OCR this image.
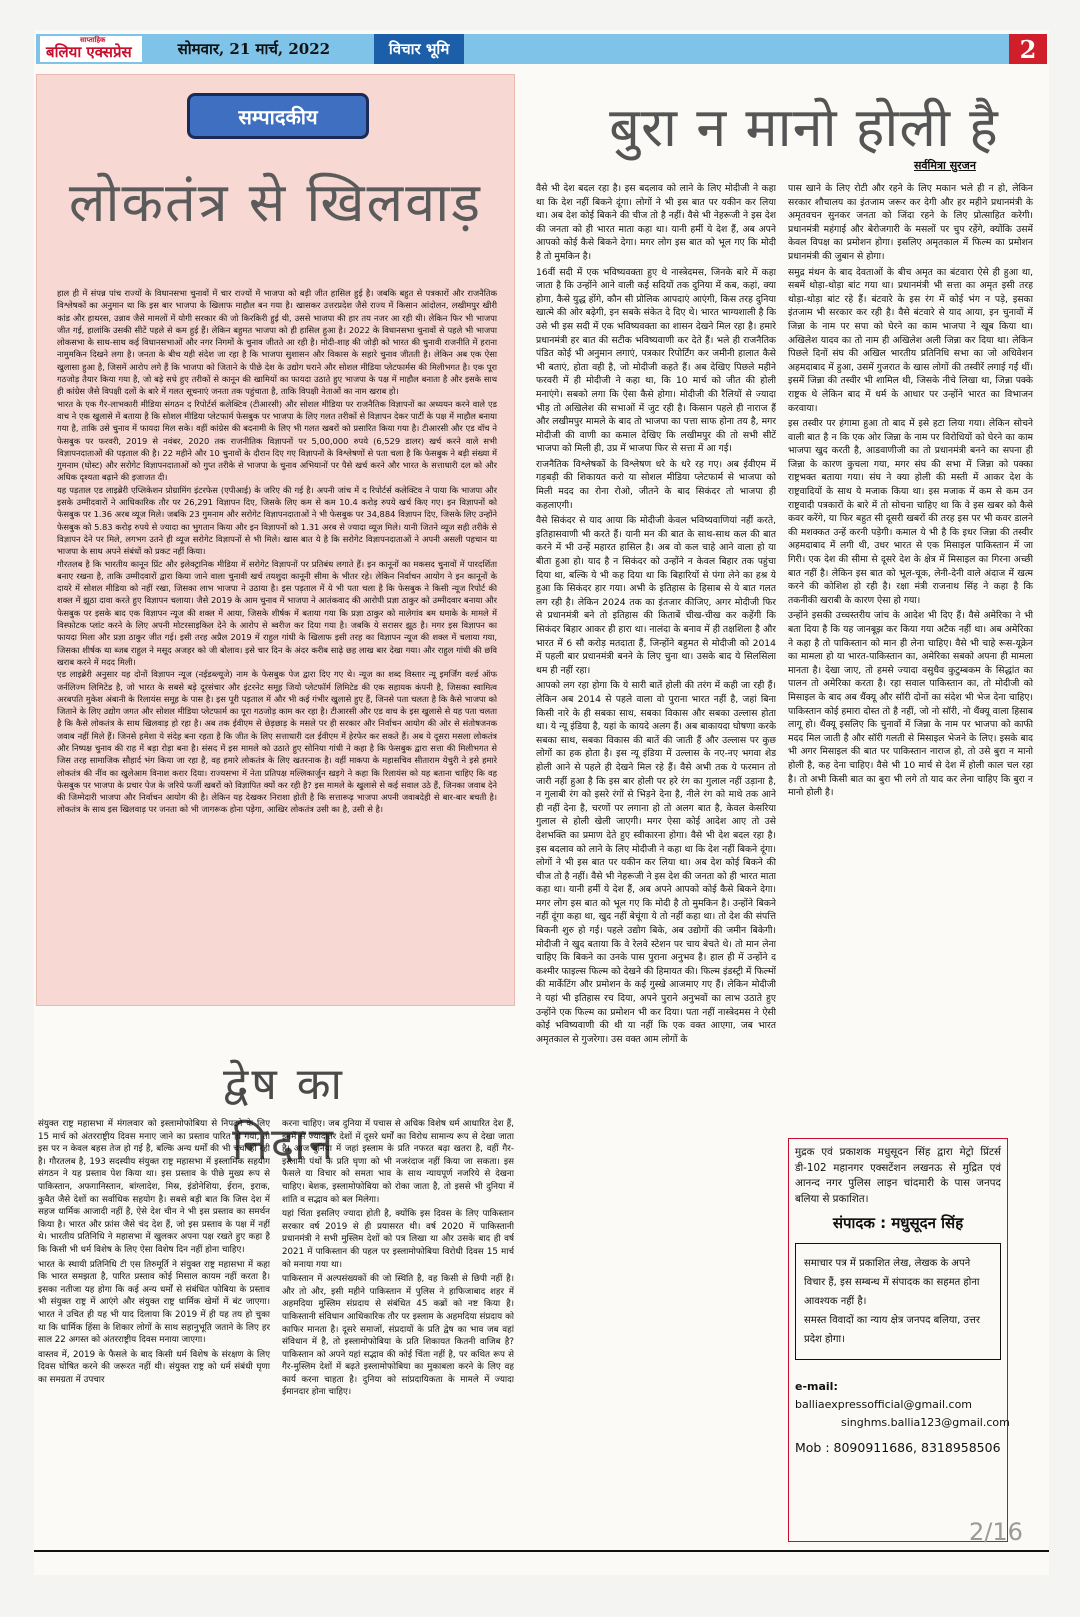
साप्ताहिक
बलिया एक्सप्रेस	सोमवार, 21 मार्च, 2022	विचार भूमि	2
सम्पादकीय
लोकतंत्र से खिलवाड़

हाल ही में संपन्न पांच राज्यों के विधानसभा चुनावों में चार राज्यों में भाजपा को बड़ी जीत हासिल हुई है। जबकि बहुत से पत्रकारों और राजनैतिक विश्लेषकों का अनुमान था कि इस बार भाजपा के खिलाफ माहौल बन गया है। खासकर उत्तरप्रदेश जैसे राज्य में किसान आंदोलन, लखीमपुर खीरी कांड और हाथरस, उन्नाव जैसे मामलों में योगी सरकार की जो किरकिरी हुई थी, उससे भाजपा की हार तय नजर आ रही थी। लेकिन फिर भी भाजपा जीत गई, हालांकि उसकी सीटें पहले से कम हुई हैं। लेकिन बहुमत भाजपा को ही हासिल हुआ है। 2022 के विधानसभा चुनावों से पहले भी भाजपा लोकसभा के साथ-साथ कई विधानसभाओं और नगर निगमों के चुनाव जीतते आ रही है। मोदी-शाह की जोड़ी को भारत की चुनावी राजनीति में हराना नामुमकिन दिखने लगा है। जनता के बीच यही संदेश जा रहा है कि भाजपा सुशासन और विकास के सहारे चुनाव जीतती है। लेकिन अब एक ऐसा खुलासा हुआ है, जिसमें आरोप लगे हैं कि भाजपा को जिताने के पीछे देश के उद्योग घराने और सोशल मीडिया प्लेटफार्मस की मिलीभगत है। एक पूरा गठजोड़ तैयार किया गया है, जो बड़े सधे हुए तरीकों से कानून की खामियों का फायदा उठाते हुए भाजपा के पक्ष में माहौल बनाता है और इसके साथ ही कांग्रेस जैसे विपक्षी दलों के बारे में गलत सूचनाएं जनता तक पहुंचाता है, ताकि विपक्षी नेताओं का नाम खराब हो।

भारत के एक गैर-लाभकारी मीडिया संगठन द रिपोर्टर्स कलेक्टिव (टीआरसी) और सोशल मीडिया पर राजनैतिक विज्ञापनों का अध्ययन करने वाले एड वाच ने एक खुलासे में बताया है कि सोशल मीडिया प्लेटफार्म फेसबुक पर भाजपा के लिए गलत तरीकों से विज्ञापन देकर पार्टी के पक्ष में माहौल बनाया गया है, ताकि उसे चुनाव में फायदा मिल सके। वहीं कांग्रेस की बदनामी के लिए भी गलत खबरों को प्रसारित किया गया है। टीआरसी और एड वॉच ने फेसबुक पर फरवरी, 2019 से नवंबर, 2020 तक राजनीतिक विज्ञापनों पर 5,00,000 रुपये (6,529 डालर) खर्च करने वाले सभी विज्ञापनदाताओं की पड़ताल की है। 22 महीने और 10 चुनावों के दौरान दिए गए विज्ञापनों के विश्लेषणों से पता चला है कि फेसबुक ने बड़ी संख्या में गुमनाम (घोस्ट) और सरोगेट विज्ञापनदाताओं को गुप्त तरीके से भाजपा के चुनाव अभियानों पर पैसे खर्च करने और भारत के सत्ताधारी दल को और अधिक दृश्यता बढ़ाने की इजाजत दी।

यह पड़ताल एड लाइब्रेरी एप्लिकेशन प्रोग्रामिंग इंटरफेस (एपीआई) के जरिए की गई है। अपनी जांच में द रिपोर्टर्स कलेक्टिव ने पाया कि भाजपा और इसके उम्मीदवारों ने आधिकारिक तौर पर 26,291 विज्ञापन दिए, जिसके लिए कम से कम 10.4 करोड़ रुपये खर्च किए गए। इन विज्ञापनों को फेसबुक पर 1.36 अरब व्यूज मिले। जबकि 23 गुमनाम और सरोगेट विज्ञापनदाताओं ने भी फेसबुक पर 34,884 विज्ञापन दिए, जिसके लिए उन्होंने फेसबुक को 5.83 करोड़ रुपये से ज्यादा का भुगतान किया और इन विज्ञापनों को 1.31 अरब से ज्यादा व्यूज मिले। यानी जितने व्यूज सही तरीके से विज्ञापन देने पर मिले, लगभग उतने ही व्यूज सरोगेट विज्ञापनों से भी मिले। खास बात ये है कि सरोगेट विज्ञापनदाताओं ने अपनी असली पहचान या भाजपा के साथ अपने संबंधों को प्रकट नहीं किया।

गौरतलब है कि भारतीय कानून प्रिंट और इलेक्ट्रानिक मीडिया में सरोगेट विज्ञापनों पर प्रतिबंध लगाते हैं। इन कानूनों का मकसद चुनावों में पारदर्शिता बनाए रखना है, ताकि उम्मीदवारों द्वारा किया जाने वाला चुनावी खर्च तयशुदा कानूनी सीमा के भीतर रहे। लेकिन निर्वाचन आयोग ने इन कानूनों के दायरे में सोशल मीडिया को नहीं रखा, जिसका लाभ भाजपा ने उठाया है। इस पड़ताल में ये भी पता चला है कि फेसबुक ने किसी न्यूज रिपोर्ट की शक्ल में झूठा दावा करते हुए विज्ञापन चलाया। जैसे 2019 के आम चुनाव में भाजपा ने आतंकवाद की आरोपी प्रज्ञा ठाकुर को उम्मीदवार बनाया और फेसबुक पर इसके बाद एक विज्ञापन न्यूज की शक्ल में आया, जिसके शीर्षक में बताया गया कि प्रज्ञा ठाकुर को मालेगांव बम धमाके के मामले में विस्फोटक प्लांट करने के लिए अपनी मोटरसाइकिल देने के आरोप से ब्वरीज कर दिया गया है। जबकि ये सरासर झूठ है। मगर इस विज्ञापन का फायदा मिला और प्रज्ञा ठाकुर जीत गई। इसी तरह अप्रैल 2019 में राहुल गांधी के खिलाफ इसी तरह का विज्ञापन न्यूज की शक्ल में चलाया गया, जिसका शीर्षक था ब्जब राहुल ने मसूद अजहर को जी बोलाव। इसे चार दिन के अंदर करीब साढ़े छह लाख बार देखा गया। और राहुल गांधी की छवि खराब करने में मदद मिली।

एड लाइब्रेरी अनुसार यह दोनों विज्ञापन न्यूज (नईडब्ल्यूजे) नाम के फेसबुक पेज द्वारा दिए गए थे। न्यूज का शब्द विस्तार न्यू इमर्जिंग वर्ल्ड ऑफ जर्नलिज्म लिमिटेड है, जो भारत के सबसे बड़े दूरसंचार और इंटरनेट समूह जियो प्लेटफॉर्म लिमिटेड की एक सहायक कंपनी है, जिसका स्वामित्व अरबपति मुकेश अंबानी के रिलायंस समूह के पास है। इस पूरी पड़ताल में और भी कई गंभीर खुलासे हुए हैं, जिनसे पता चलता है कि कैसे भाजपा को जिताने के लिए उद्योग जगत और सोशल मीडिया प्लेटफार्म का पूरा गठजोड़ काम कर रहा है। टीआरसी और एड वाच के इस खुलासे से यह पता चलता है कि कैसे लोकतंत्र के साथ खिलवाड़ हो रहा है। अब तक ईवीएम से छेड़छाड़ के मसले पर ही सरकार और निर्वाचन आयोग की ओर से संतोषजनक जवाब नहीं मिले हैं। जिनसे हमेशा ये संदेह बना रहता है कि जीत के लिए सत्ताधारी दल ईवीएम में हेरफेर कर सकते हैं। अब ये दूसरा मसला लोकतंत्र और निष्पक्ष चुनाव की राह में बड़ा रोड़ा बना है। संसद में इस मामले को उठाते हुए सोनिया गांधी ने कहा है कि फेसबुक द्वारा सत्ता की मिलीभगत से जिस तरह सामाजिक सौहार्द भंग किया जा रहा है, वह हमारे लोकतंत्र के लिए खतरनाक है। वहीं माकपा के महासचिव सीताराम येचुरी ने इसे हमारे लोकतंत्र की नींव का खुलेआम विनाश करार दिया। राज्यसभा में नेता प्रतिपक्ष मल्लिकार्जुन खड़गे ने कहा कि रिलायंस को यह बताना चाहिए कि वह फेसबुक पर भाजपा के प्रचार पेज के जरिये फर्जी खबरों को विज्ञापित क्यों कर रही है? इस मामले के खुलासे से कई सवाल उठे हैं, जिनका जवाब देने की जिम्मेदारी भाजपा और निर्वाचन आयोग की है। लेकिन यह देखकर निराशा होती है कि सत्तारूढ़ भाजपा अपनी जवाबदेही से बार-बार बचती है। लोकतंत्र के साथ इस खिलवाड़ पर जनता को भी जागरूक होना पड़ेगा, आखिर लोकतंत्र उसी का है, उसी से है।

बुरा न मानो होली है
सर्वमित्रा सुरजन

वैसे भी देश बदल रहा है। इस बदलाव को लाने के लिए मोदीजी ने कहा था कि देश नहीं बिकने दूंगा। लोगों ने भी इस बात पर यकीन कर लिया था। अब देश कोई बिकने की चीज तो है नहीं। वैसे भी नेहरूजी ने इस देश की जनता को ही भारत माता कहा था। यानी हमीं ये देश हैं, अब अपने आपको कोई कैसे बिकने देगा। मगर लोग इस बात को भूल गए कि मोदी है तो मुमकिन है।

16वीं सदी में एक भविष्यवक्ता हुए थे नास्त्रेदमस, जिनके बारे में कहा जाता है कि उन्होंने आने वाली कई सदियों तक दुनिया में कब, कहां, क्या होगा, कैसे युद्ध होंगे, कौन सी प्रोलिक आपदाएं आएंगी, किस तरह दुनिया खात्मे की ओर बढ़ेगी, इन सबके संकेत दे दिए थे। भारत भाग्यशाली है कि उसे भी इस सदी में एक भविष्यवक्ता का शासन देखने मिल रहा है। हमारे प्रधानमंत्री हर बात की सटीक भविष्यवाणी कर देते हैं। भले ही राजनैतिक पंडित कोई भी अनुमान लगाएं, पत्रकार रिपोर्टिंग कर जमीनी हालात कैसे भी बताएं, होता वही है, जो मोदीजी कहते हैं। अब देखिए पिछले महीने फरवरी में ही मोदीजी ने कहा था, कि 10 मार्च को जीत की होली मनाएंगे। सबको लगा कि ऐसा कैसे होगा। मोदीजी की रैलियों से ज्यादा भीड़ तो अखिलेश की सभाओं में जुट रही है। किसान पहले ही नाराज हैं और लखीमपुर मामले के बाद तो भाजपा का पत्ता साफ होना तय है, मगर मोदीजी की वाणी का कमाल देखिए कि लखीमपुर की तो सभी सीटें भाजपा को मिली ही, उप्र में भाजपा फिर से सत्ता में आ गई।

राजनैतिक विश्लेषकों के विश्लेषण धरे के धरे रह गए। अब ईवीएम में गड़बड़ी की शिकायत करो या सोशल मीडिया प्लेटफार्म से भाजपा को मिली मदद का रोना रोओ, जीतने के बाद सिकंदर तो भाजपा ही कहलाएगी।

वैसे सिकंदर से याद आया कि मोदीजी केवल भविष्यवाणियां नहीं करते, इतिहासवाणी भी करते हैं। यानी मन की बात के साथ-साथ कल की बात करने में भी उन्हें महारत हासिल है। अब वो कल चाहे आने वाला हो या बीता हुआ हो। याद है न सिकंदर को उन्होंने न केवल बिहार तक पहुंचा दिया था, बल्कि ये भी कह दिया था कि बिहारियों से पंगा लेने का हश्र ये हुआ कि सिकंदर हार गया। अभी के इतिहास के हिसाब से ये बात गलत लग रही है। लेकिन 2024 तक का इंतजार कीजिए, अगर मोदीजी फिर से प्रधानमंत्री बने तो इतिहास की किताबें चीख-चीख कर कहेंगी कि सिकंदर बिहार आकर ही हारा था। नालंदा के बनाव में ही तक्षशिला है और भारत में 6 सौ करोड़ मतदाता हैं, जिन्होंने बहुमत से मोदीजी को 2014 में पहली बार प्रधानमंत्री बनने के लिए चुना था। उसके बाद ये सिलसिला थम ही नहीं रहा।

आपको लग रहा होगा कि ये सारी बातें होली की तरंग में कही जा रही हैं। लेकिन अब 2014 से पहले वाला वो पुराना भारत नहीं है, जहां बिना किसी नारे के ही सबका साथ, सबका विकास और सबका उल्लास होता था। ये न्यू इंडिया है, यहां के कायदे अलग हैं। अब बाकायदा घोषणा करके सबका साथ, सबका विकास की बातें की जाती हैं और उल्लास पर कुछ लोगों का हक होता है। इस न्यू इंडिया में उल्लास के नए-नए भगवा शेड होली आने से पहले ही देखने मिल रहे हैं। वैसे अभी तक ये फरमान तो जारी नहीं हुआ है कि इस बार होली पर हरे रंग का गुलाल नहीं उड़ाना है, न गुलाबी रंग को इसरे रंगों से भिड़ने देना है, नीले रंग को माथे तक आने ही नहीं देना है, चरणों पर लगाना हो तो अलग बात है, केवल केसरिया गुलाल से होली खेली जाएगी। मगर ऐसा कोई आदेश आए तो उसे देशभक्ति का प्रमाण देते हुए स्वीकारना होगा। वैसे भी देश बदल रहा है। इस बदलाव को लाने के लिए मोदीजी ने कहा था कि देश नहीं बिकने दूंगा। लोगों ने भी इस बात पर यकीन कर लिया था। अब देश कोई बिकने की चीज तो है नहीं। वैसे भी नेहरूजी ने इस देश की जनता को ही भारत माता कहा था। यानी हमीं ये देश हैं, अब अपने आपको कोई कैसे बिकने देगा। मगर लोग इस बात को भूल गए कि मोदी है तो मुमकिन है। उन्होंने बिकने नहीं दूंगा कहा था, खुद नहीं बेचूंगा ये तो नहीं कहा था। तो देश की संपत्ति बिकनी शुरु हो गई। पहले उद्योग बिके, अब उद्योगों की जमीन बिकेगी। मोदीजी ने खुद बताया कि वे रेलवे स्टेशन पर चाय बेचते थे। तो मान लेना चाहिए कि बिकने का उनके पास पुराना अनुभव है। हाल ही में उन्होंने द कश्मीर फाइल्स फिल्म को देखने की हिमायत की। फिल्म इंडस्ट्री में फिल्मों की मार्केटिंग और प्रमोशन के कई गुस्खे आजमाए गए हैं। लेकिन मोदीजी ने यहां भी इतिहास रच दिया, अपने पुराने अनुभवों का लाभ उठाते हुए उन्होंने एक फिल्म का प्रमोशन भी कर दिया। पता नहीं नास्त्रेदमस ने ऐसी कोई भविष्यवाणी की थी या नहीं कि एक वक्त आएगा, जब भारत अमृतकाल से गुजरेगा। उस वक्त आम लोगों के

पास खाने के लिए रोटी और रहने के लिए मकान भले ही न हो, लेकिन सरकार शौचालय का इंतजाम जरूर कर देगी और हर महीने प्रधानमंत्री के अमृतवचन सुनकर जनता को जिंदा रहने के लिए प्रोत्साहित करेगी। प्रधानमंत्री महंगाई और बेरोजगारी के मसलों पर चुप रहेंगे, क्योंकि उसमें केवल विपक्ष का प्रमोशन होगा। इसलिए अमृतकाल में फिल्म का प्रमोशन प्रधानमंत्री की जुबान से होगा।

समुद्र मंथन के बाद देवताओं के बीच अमृत का बंटवारा ऐसे ही हुआ था, सबमें थोड़ा-थोड़ा बांट गया था। प्रधानमंत्री भी सत्ता का अमृत इसी तरह थोड़ा-थोड़ा बांट रहे हैं। बंटवारे के इस रंग में कोई भंग न पड़े, इसका इंतजाम भी सरकार कर रही है। वैसे बंटवारे से याद आया, इन चुनावों में जिन्ना के नाम पर सपा को घेरने का काम भाजपा ने खूब किया था। अखिलेश यादव का तो नाम ही अखिलेश अली जिन्ना कर दिया था। लेकिन पिछले दिनों संघ की अखिल भारतीय प्रतिनिधि सभा का जो अधिवेशन अहमदाबाद में हुआ, उसमें गुजरात के खास लोगों की तस्वीरें लगाई गईं थीं। इसमें जिन्ना की तस्वीर भी शामिल थी, जिसके नीचे लिखा था, जिन्ना पक्के राष्ट्रक थे लेकिन बाद में धर्म के आधार पर उन्होंने भारत का विभाजन करवाया।

इस तस्वीर पर हंगामा हुआ तो बाद में इसे हटा लिया गया। लेकिन सोचने वाली बात है न कि एक ओर जिन्ना के नाम पर विरोधियों को घेरने का काम भाजपा खुद करती है, आडवाणीजी का तो प्रधानमंत्री बनने का सपना ही जिन्ना के कारण कुचला गया, मगर संघ की सभा में जिन्ना को पक्का राष्ट्रभक्त बताया गया। संघ ने क्या होली की मस्ती में आकर देश के राष्ट्रवादियों के साथ ये मजाक किया था। इस मजाक में कम से कम उन राष्ट्रवादी पत्रकारों के बारे में तो सोचना चाहिए था कि वे इस खबर को कैसे कवर करेंगे, या फिर बहुत सी दूसरी खबरों की तरह इस पर भी कवर डालने की मशक्कत उन्हें करनी पड़ेगी। कमाल ये भी है कि इधर जिन्ना की तस्वीर अहमदाबाद में लगी थी, उधर भारत से एक मिसाइल पाकिस्तान में जा गिरी। एक देश की सीमा से दूसरे देश के क्षेत्र में मिसाइल का गिरना अच्छी बात नहीं है। लेकिन इस बात को भूल-चूक, लेनी-देनी वाले अंदाज में खत्म करने की कोशिश हो रही है। रक्षा मंत्री राजनाथ सिंह ने कहा है कि तकनीकी खराबी के कारण ऐसा हो गया।

उन्होंने इसकी उच्चस्तरीय जांच के आदेश भी दिए हैं। वैसे अमेरिका ने भी बता दिया है कि यह जानबूझ कर किया गया अटैक नहीं था। अब अमेरिका ने कहा है तो पाकिस्तान को मान ही लेना चाहिए। वैसे भी चाहे रूस-यूक्रेन का मामला हो या भारत-पाकिस्तान का, अमेरिका सबको अपना ही मामला मानता है। देखा जाए, तो हमसे ज्यादा वसुधैव कुटुम्बकम के सिद्धांत का पालन तो अमेरिका करता है। रहा सवाल पाकिस्तान का, तो मोदीजी को मिसाइल के बाद अब थैंक्यू और सॉरी दोनों का संदेश भी भेज देना चाहिए। पाकिस्तान कोई हमारा दोस्त तो है नहीं, जो नो सॉरी, नो थैंक्यू वाला हिसाब लागू हो। थैंक्यू इसलिए कि चुनावों में जिन्ना के नाम पर भाजपा को काफी मदद मिल जाती है और सॉरी गलती से मिसाइल भेजने के लिए। इसके बाद भी अगर मिसाइल की बात पर पाकिस्तान नाराज हो, तो उसे बुरा न मानो होली है, कह देना चाहिए। वैसे भी 10 मार्च से देश में होली काल चल रहा है। तो अभी किसी बात का बुरा भी लगे तो याद कर लेना चाहिए कि बुरा न मानो होली है।

द्वेष का निदान

संयुक्त राष्ट्र महासभा में मंगलवार को इस्लामोफोबिया से निपटने के लिए 15 मार्च को अंतरराष्ट्रीय दिवस मनाए जाने का प्रस्ताव पारित हो गया, तो इस पर न केवल बहस तेज हो गई है, बल्कि अन्य धर्मों की भी चर्चा हो रही है। गौरतलब है, 193 सदस्यीय संयुक्त राष्ट्र महासभा में इस्लामिक सहयोग संगठन ने यह प्रस्ताव पेश किया था। इस प्रस्ताव के पीछे मुख्य रूप से पाकिस्तान, अफगानिस्तान, बांग्लादेश, मिस्र, इंडोनेशिया, ईरान, इराक, कुवैत जैसे देशों का सर्वाधिक सहयोग है। सबसे बड़ी बात कि जिस देश में सहज धार्मिक आजादी नहीं है, ऐसे देश चीन ने भी इस प्रस्ताव का समर्थन किया है। भारत और फ्रांस जैसे चंद देश हैं, जो इस प्रस्ताव के पक्ष में नहीं थे। भारतीय प्रतिनिधि ने महासभा में खुलकर अपना पक्ष रखते हुए कहा है कि किसी भी धर्म विशेष के लिए ऐसा विशेष दिन नहीं होना चाहिए।

भारत के स्थायी प्रतिनिधि टी एस तिरुमूर्ति ने संयुक्त राष्ट्र महासभा में कहा कि भारत समझता है, पारित प्रस्ताव कोई मिसाल कायम नहीं करता है। इसका नतीजा यह होगा कि कई अन्य धर्मों से संबंधित फोबिया के प्रस्ताव भी संयुक्त राष्ट्र में आएंगे और संयुक्त राष्ट्र धार्मिक खेमों में बंट जाएगा। भारत ने उचित ही यह भी याद दिलाया कि 2019 में ही यह तय हो चुका था कि धार्मिक हिंसा के शिकार लोगों के साथ सहानुभूति जताने के लिए हर साल 22 अगस्त को अंतरराष्ट्रीय दिवस मनाया जाएगा।

वास्तव में, 2019 के फैसले के बाद किसी धर्म विशेष के संरक्षण के लिए दिवस घोषित करने की जरूरत नहीं थी। संयुक्त राष्ट्र को धर्म संबंधी घृणा का समग्रता में उपचार

करना चाहिए। जब दुनिया में पचास से अधिक विशेष धर्म आधारित देश हैं, इनमें से ज्यादातर देशों में दूसरे धर्मों का विरोध सामान्य रूप से देखा जाता है। आज दुनिया में जहां इस्लाम के प्रति नफरत बढ़ा खतरा है, वहीं गैर-इस्लामी पंथों के प्रति घृणा को भी नजरंदाज नहीं किया जा सकता। इस फैसले या विचार को समता भाव के साथ न्यायपूर्ण नजरिये से देखना चाहिए। बेशक, इस्लामोफोबिया को रोका जाता है, तो इससे भी दुनिया में शांति व सद्भाव को बल मिलेगा।

यहां चिंता इसलिए ज्यादा होती है, क्योंकि इस दिवस के लिए पाकिस्तान सरकार वर्ष 2019 से ही प्रयासरत थी। वर्ष 2020 में पाकिस्तानी प्रधानमंत्री ने सभी मुस्लिम देशों को पत्र लिखा था और उसके बाद ही वर्ष 2021 में पाकिस्तान की पहल पर इस्लामोफोबिया विरोधी दिवस 15 मार्च को मनाया गया था।

पाकिस्तान में अल्पसंख्यकों की जो स्थिति है, वह किसी से छिपी नहीं है। और तो और, इसी महीने पाकिस्तान में पुलिस ने हाफिजाबाद शहर में अहमदिया मुस्लिम संप्रदाय से संबंधित 45 कब्रों को नष्ट किया है। पाकिस्तानी संविधान आधिकारिक तौर पर इस्लाम के अहमदिया संप्रदाय को काफिर मानता है। दूसरे समाजों, संप्रदायों के प्रति द्वेष का भाव जब वहां संविधान में है, तो इस्लामोफोबिया के प्रति शिकायत कितनी वाजिब है? पाकिस्तान को अपने यहां सद्भाव की कोई चिंता नहीं है, पर कथित रूप से गैर-मुस्लिम देशों में बढ़ते इस्लामोफोबिया का मुकाबला करने के लिए वह कार्य करना चाहता है। दुनिया को सांप्रदायिकता के मामले में ज्यादा ईमानदार होना चाहिए।

मुद्रक एवं प्रकाशक मधुसूदन सिंह द्वारा मेट्रो प्रिंटर्स डी-102 महानगर एक्सटेंशन लखनऊ से मुद्रित एवं आनन्द नगर पुलिस लाइन चांदमारी के पास जनपद बलिया से प्रकाशित।
संपादक : मधुसूदन सिंह

समाचार पत्र में प्रकाशित लेख, लेखक के अपने विचार हैं, इस सम्बन्ध में संपादक का सहमत होना आवश्यक नहीं है।

समस्त विवादों का न्याय क्षेत्र जनपद बलिया, उत्तर प्रदेश होगा।

e-mail: balliaexpressofficial@gmail.com
singhms.ballia123@gmail.com
Mob : 8090911686, 8318958506
2/16
